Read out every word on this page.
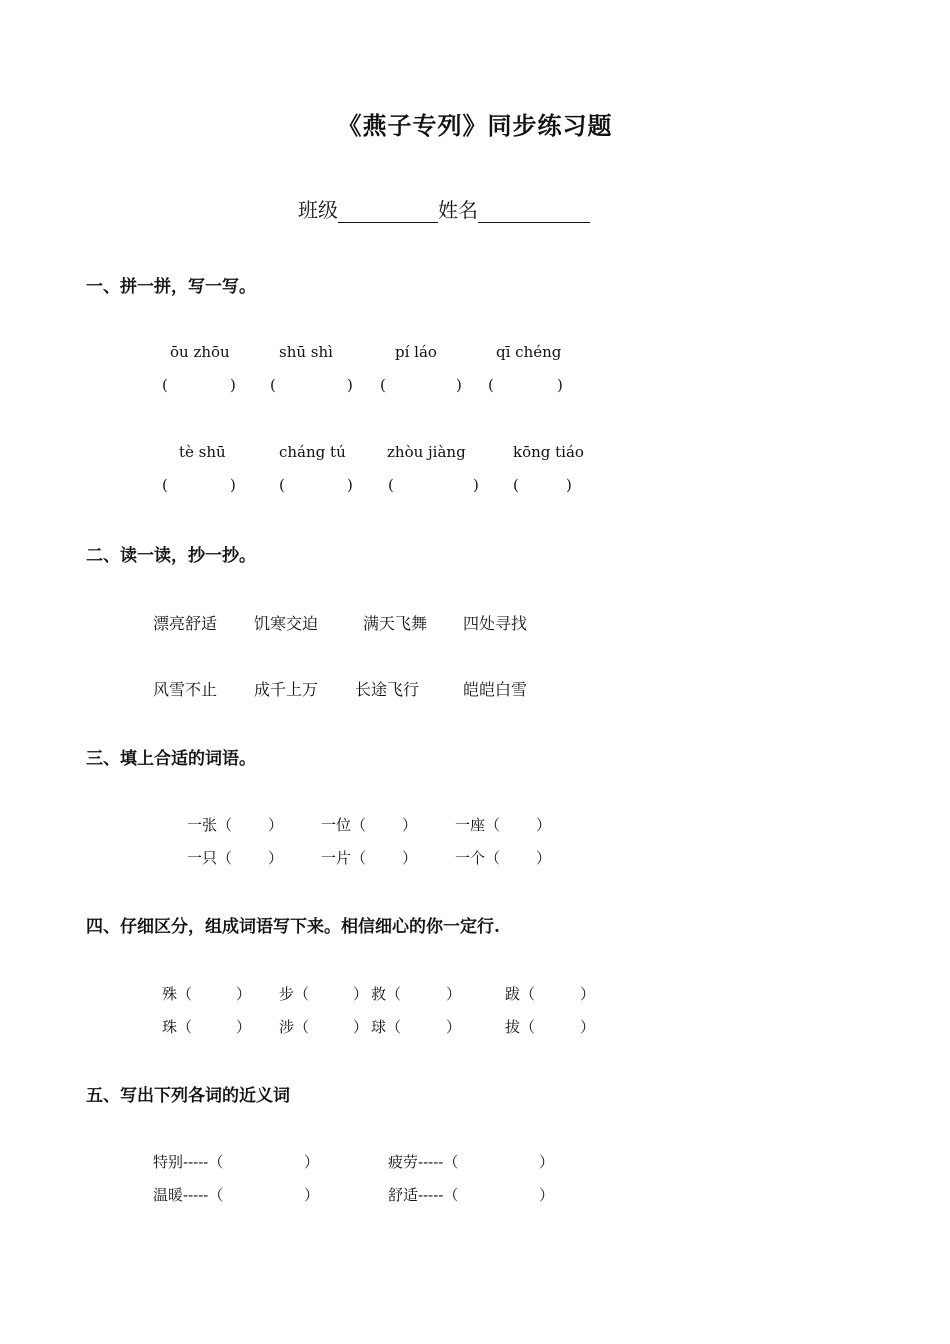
《燕子专列》同步练习题
班级	姓名
一、拼一拼，写一写。
ōu zhōu	shū shì	pí láo	qī chéng
(	) (	) (	) (	)
tè shū	cháng tú	zhòu jiàng	kōng tiáo
(	)	(	) (	) (	)
二、读一读，抄一抄。
漂亮舒适 饥寒交迫	满天飞舞 四处寻找
风雪不止 成千上万 长途飞行	皑皑白雪
三、填上合适的词语。
一张（ ）	一位（ ）	一座（ ）
一只（ ）	一片（ ）	一个（ ）
四、仔细区分，组成词语写下来。相信细心的你一定行.
殊（	） 步（	） 救（	）	跋（	）
珠（	） 涉（	） 球（	）	拔（	）
五、写出下列各词的近义词
特别-----（	）	疲劳-----（	）
温暖-----（	）	舒适-----（	）
